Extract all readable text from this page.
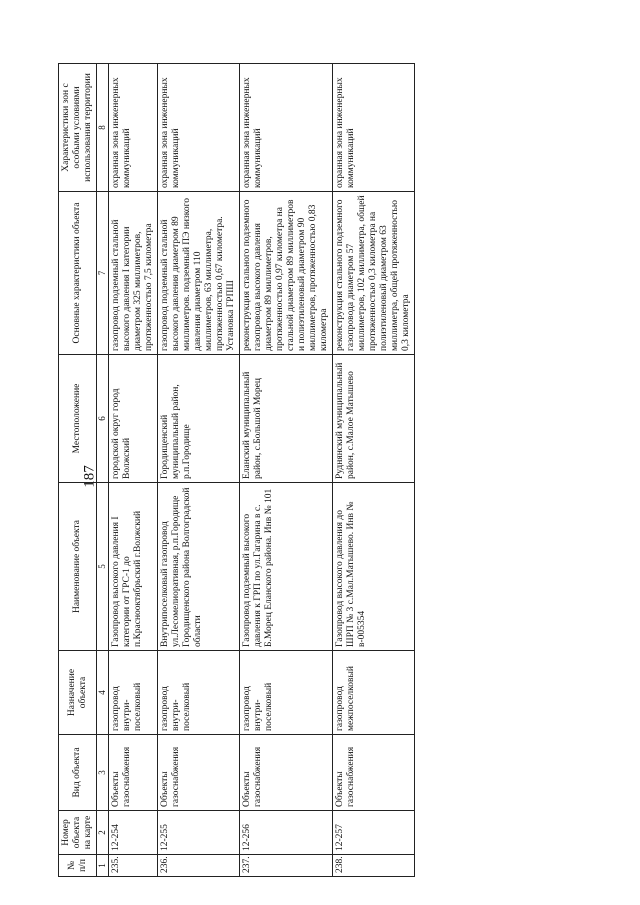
187
№ п/п	Номер объекта на карте	Вид объекта	Назначение объекта	Наименование объекта	Местоположение	Основные характеристики объекта	Характеристики зон с особыми условиями использования территории
1	2	3	4	5	6	7	8
235.	12-254	Объекты газоснабжения	газопровод внутри-поселковый	Газопровод высокого давления I категории от ГРС-1 до п.Краснооктябрьский г.Волжский	городской округ город Волжский	газопровод подземный стальной высокого давления I категории диаметром 325 миллиметров, протяженностью 7,5 километра	охранная зона инженерных коммуникаций
236.	12-255	Объекты газоснабжения	газопровод внутри-поселковый	Внутрипоселковый газопровод ул.Лесомелиоративная, р.п.Городище Городищенского района Волгоградской области	Городищенский муниципальный район, р.п.Городище	газопровод подземный стальной высокого давления диаметром 89 миллиметров. подземный ПЭ низкого давления диаметром 110 миллиметров, 63 миллиметра, протяженностью 0,67 километра. Установка ГРПШ	охранная зона инженерных коммуникаций
237.	12-256	Объекты газоснабжения	газопровод внутри-поселковый	Газопровод подземный высокого давления к ГРП по ул.Гагарина в с. Б.Морец Еланского района. Инв № 101	Еланский муниципальный район, с.Большой Морец	реконструкция стального подземного газопровода высокого давления диаметром 89 миллиметров, протяженностью 0,97 километра на стальной диаметром 89 миллиметров и полиэтиленовый диаметром 90 миллиметров, протяженностью 0,83 километра	охранная зона инженерных коммуникаций
238.	12-257	Объекты газоснабжения	газопровод межпоселковый	Газопровод высокого давления до ШРП № 3 с.Мал.Матышево. Инв № в-005354	Руднянский муниципальный район, с.Малое Матышево	реконструкция стального подземного газопровода диаметром 57 миллиметров, 102 миллиметра, общей протяженностью 0,3 километра на полиэтиленовый диаметром 63 миллиметра, общей протяженностью 0,3 километра	охранная зона инженерных коммуникаций
